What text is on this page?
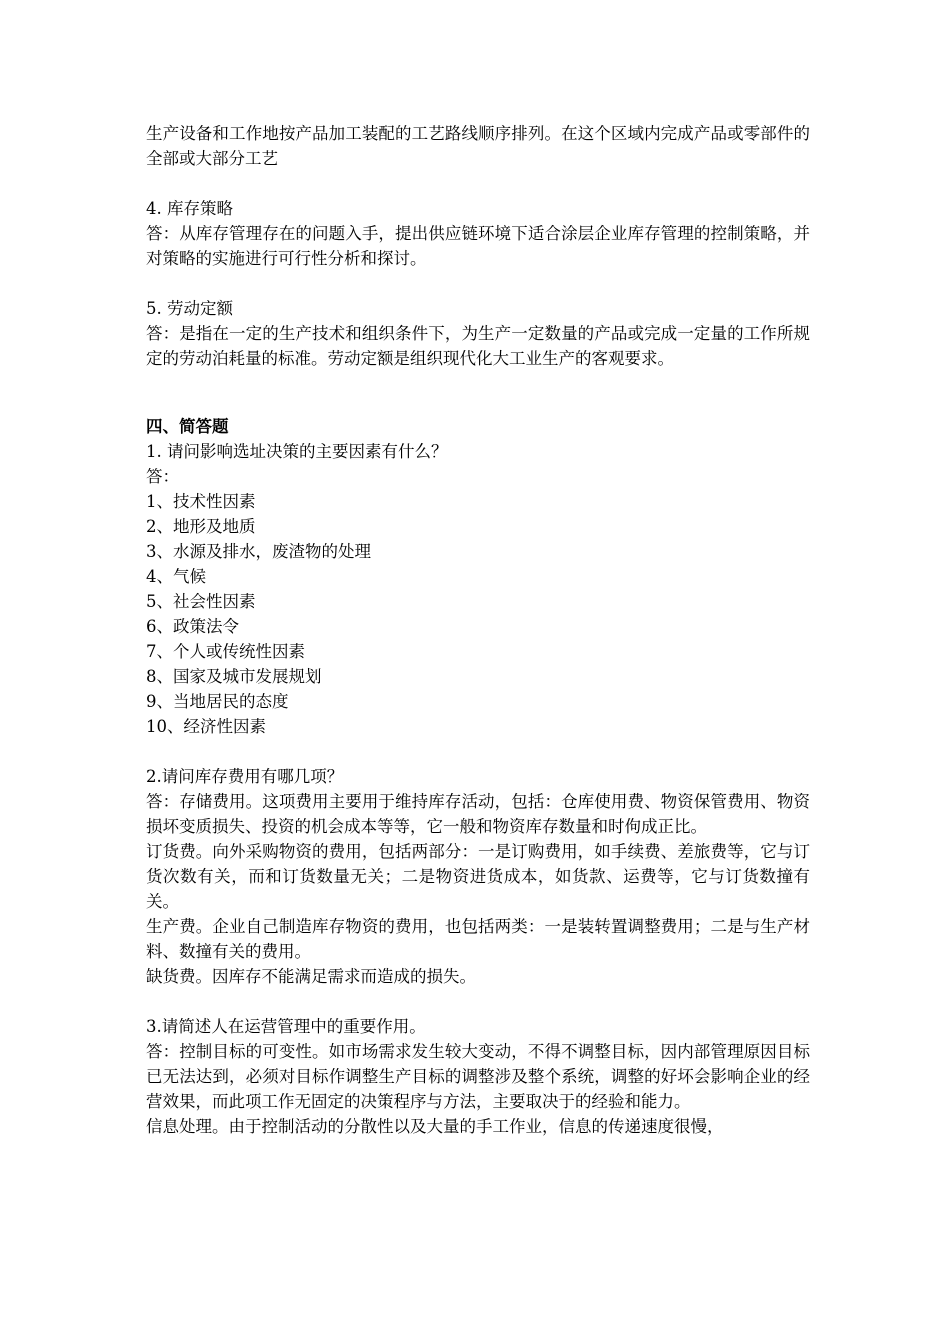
生产设备和工作地按产品加工装配的工艺路线顺序排列。在这个区域内完成产品或零部件的全部或大部分工艺

4. 库存策略

答：从库存管理存在的问题入手，提出供应链环境下适合涂层企业库存管理的控制策略，并对策略的实施进行可行性分析和探讨。

5. 劳动定额

答：是指在一定的生产技术和组织条件下，为生产一定数量的产品或完成一定量的工作所规定的劳动泊耗量的标准。劳动定额是组织现代化大工业生产的客观要求。

四、简答题

1. 请问影响选址决策的主要因素有什么？

答：

1、技术性因素

2、地形及地质

3、水源及排水，废渣物的处理

4、气候

5、社会性因素

6、政策法令

7、个人或传统性因素

8、国家及城市发展规划

9、当地居民的态度

10、经济性因素

2.请问库存费用有哪几项？

答：存储费用。这项费用主要用于维持库存活动，包括：仓库使用费、物资保管费用、物资损坏变质损失、投资的机会成本等等，它一般和物资库存数量和时佝成正比。

订货费。向外采购物资的费用，包括两部分：一是订购费用，如手续费、差旅费等，它与订货次数有关，而和订货数量无关；二是物资进货成本，如货款、运费等，它与订货数撞有关。

生产费。企业自己制造库存物资的费用，也包括两类：一是装转置调整费用；二是与生产材料、数撞有关的费用。

缺货费。因库存不能满足需求而造成的损失。

3.请简述人在运营管理中的重要作用。

答：控制目标的可变性。如市场需求发生较大变动，不得不调整目标，因内部管理原因目标已无法达到，必须对目标作调整生产目标的调整涉及整个系统，调整的好坏会影响企业的经营效果，而此项工作无固定的决策程序与方法，主要取决于的经验和能力。

信息处理。由于控制活动的分散性以及大量的手工作业，信息的传递速度很慢，
